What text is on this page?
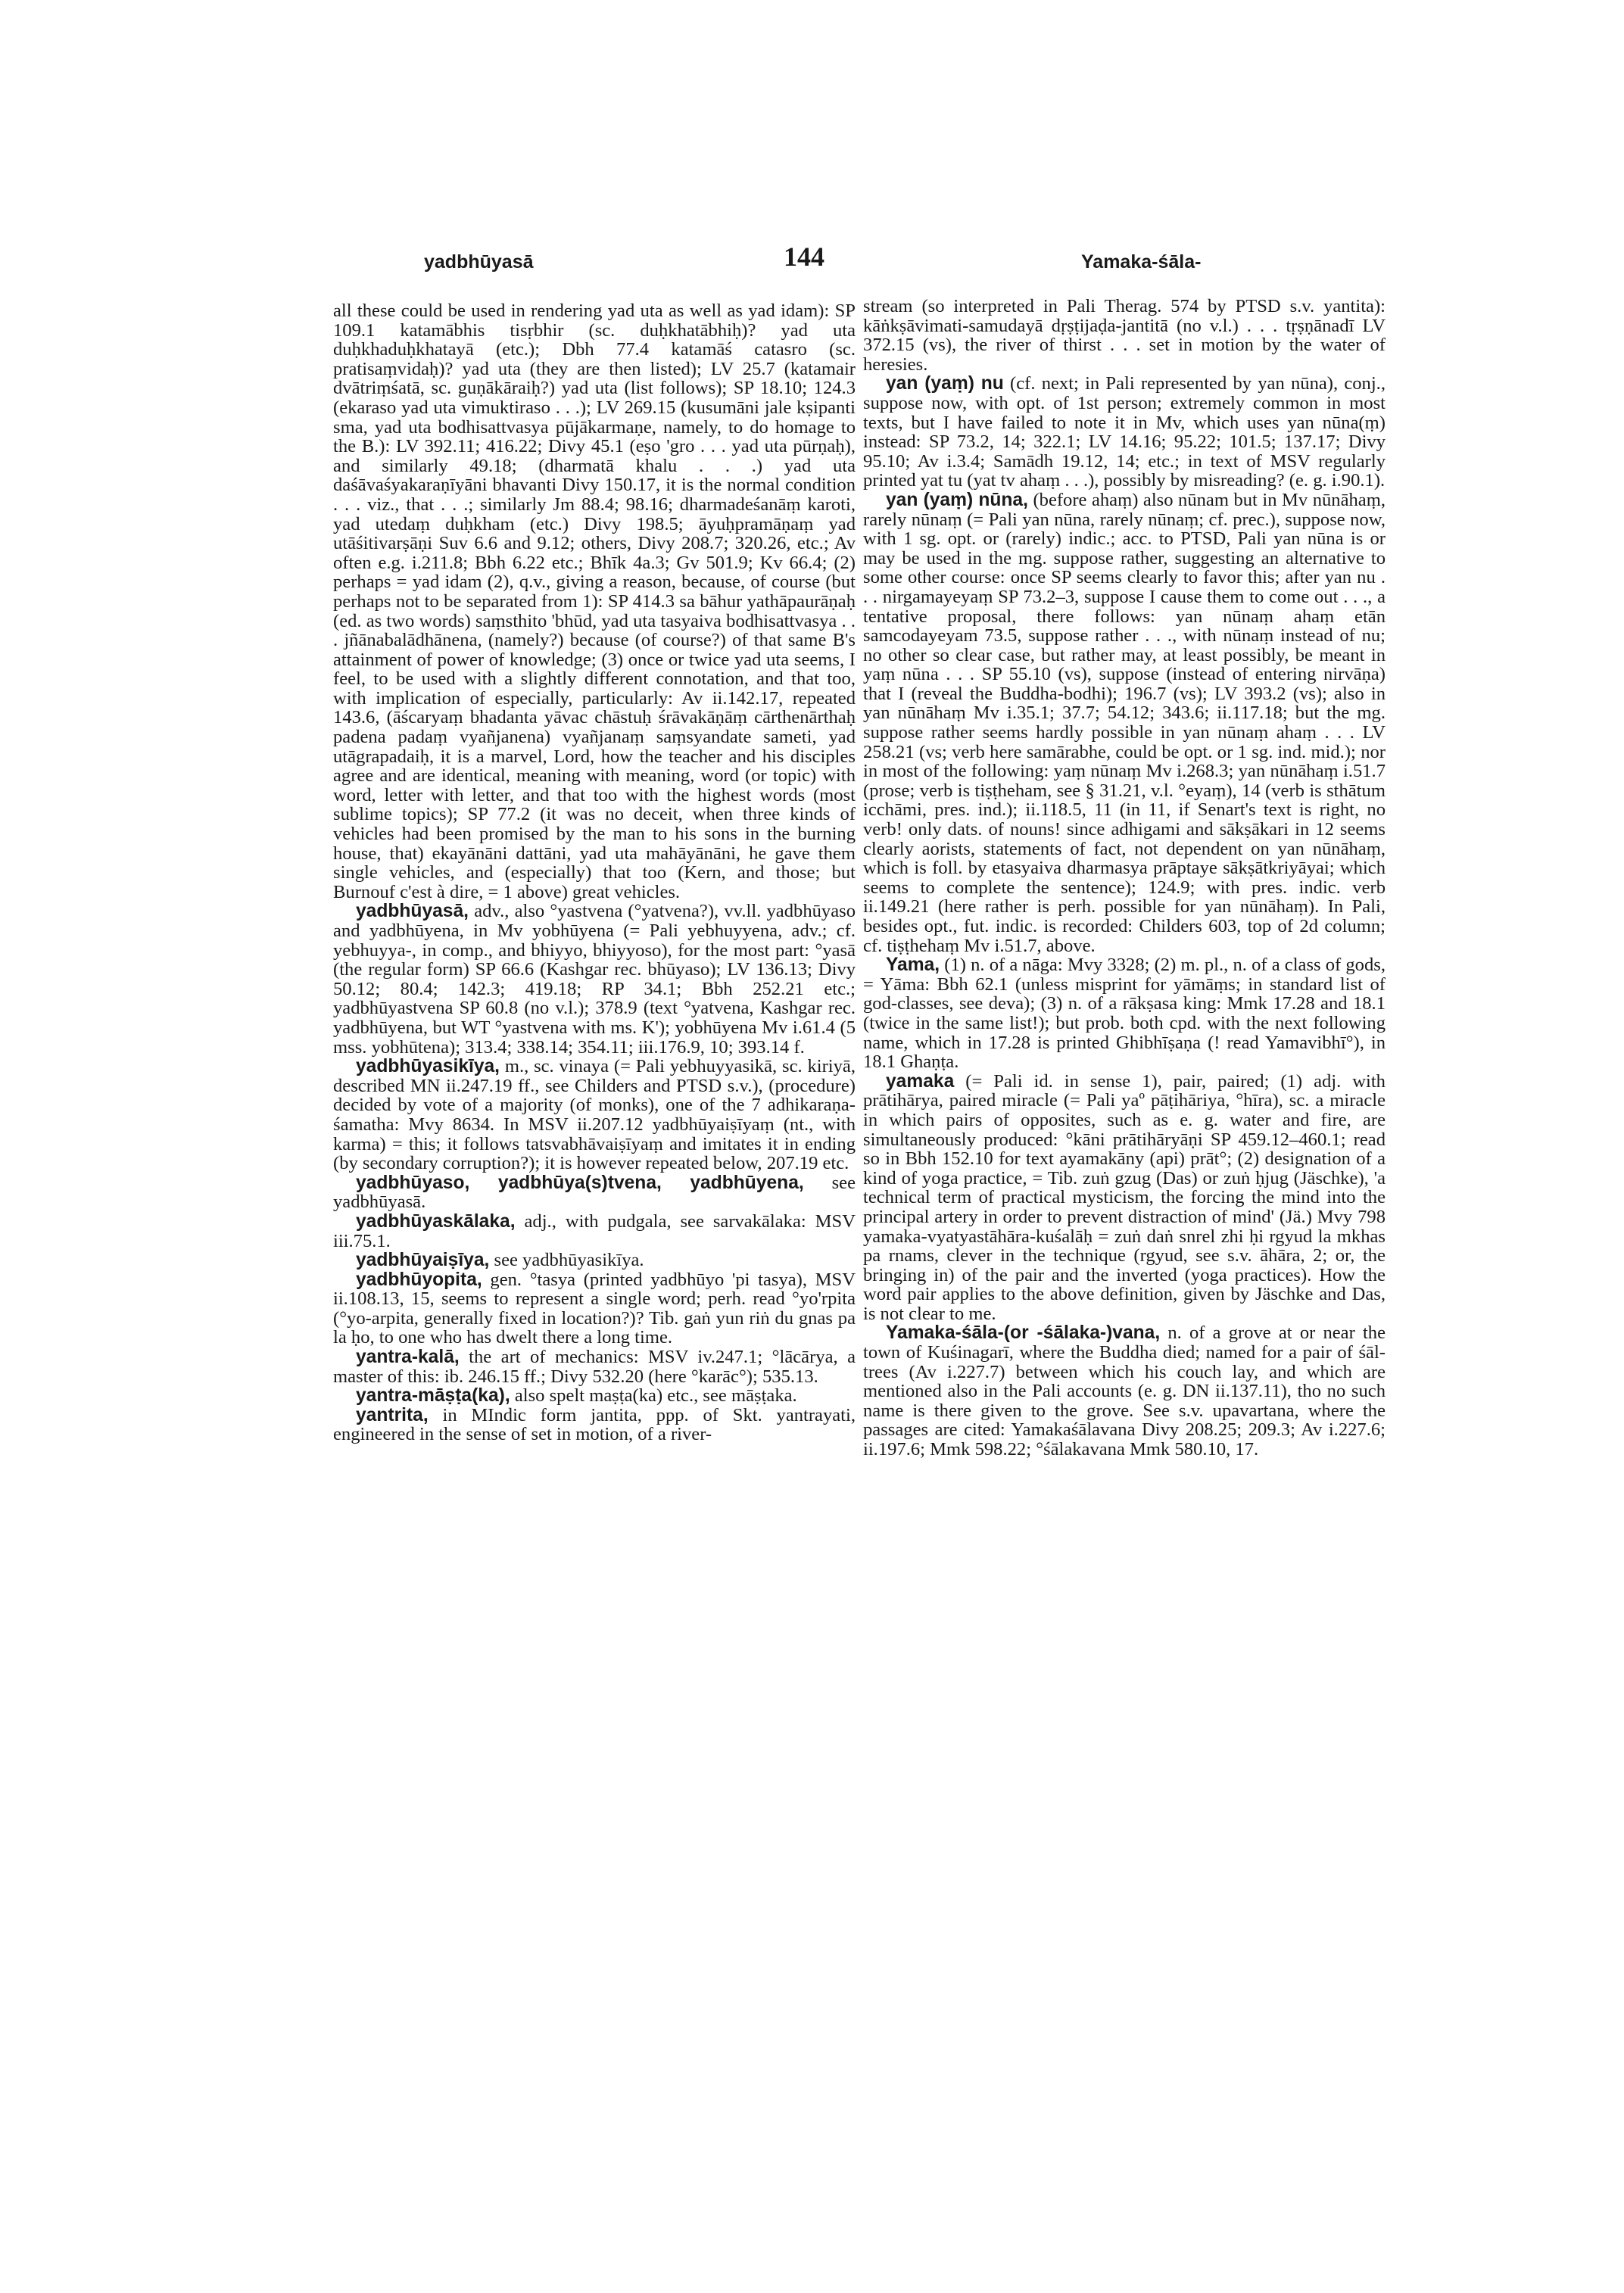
yadbhūyasā	144	Yamaka-śāla-

all these could be used in rendering yad uta as well as yad idam): SP 109.1 katamābhis tisṛbhir (sc. duḥkhatābhiḥ)? yad uta duḥkhaduḥkhatayā (etc.); Dbh 77.4 katamāś catasro (sc. pratisaṃvidaḥ)? yad uta (they are then listed); LV 25.7 (katamair dvātriṃśatā, sc. guṇākāraiḥ?) yad uta (list follows); SP 18.10; 124.3 (ekaraso yad uta vimuktiraso . . .); LV 269.15 (kusumāni jale kṣipanti sma, yad uta bodhisattvasya pūjākarmaṇe, namely, to do homage to the B.): LV 392.11; 416.22; Divy 45.1 (eṣo 'gro . . . yad uta pūrṇaḥ), and similarly 49.18; (dharmatā khalu . . .) yad uta daśāvaśyakaraṇīyāni bhavanti Divy 150.17, it is the normal condition . . . viz., that . . .; similarly Jm 88.4; 98.16; dharmadeśanāṃ karoti, yad utedaṃ duḥkham (etc.) Divy 198.5; āyuḥpramāṇaṃ yad utāśitivarṣāṇi Suv 6.6 and 9.12; others, Divy 208.7; 320.26, etc.; Av often e.g. i.211.8; Bbh 6.22 etc.; Bhīk 4a.3; Gv 501.9; Kv 66.4; (2) perhaps = yad idam (2), q.v., giving a reason, because, of course (but perhaps not to be separated from 1): SP 414.3 sa bāhur yathāpaurāṇaḥ (ed. as two words) saṃsthito 'bhūd, yad uta tasyaiva bodhisattvasya . . . jñānabalādhānena, (namely?) because (of course?) of that same B's attainment of power of knowledge; (3) once or twice yad uta seems, I feel, to be used with a slightly different connotation, and that too, with implication of especially, particularly: Av ii.142.17, repeated 143.6, (āścaryaṃ bhadanta yāvac chāstuḥ śrāvakāṇāṃ cārthenārthaḥ padena padaṃ vyañjanena) vyañjanaṃ saṃsyandate sameti, yad utāgrapadaiḥ, it is a marvel, Lord, how the teacher and his disciples agree and are identical, meaning with meaning, word (or topic) with word, letter with letter, and that too with the highest words (most sublime topics); SP 77.2 (it was no deceit, when three kinds of vehicles had been promised by the man to his sons in the burning house, that) ekayānāni dattāni, yad uta mahāyānāni, he gave them single vehicles, and (especially) that too (Kern, and those; but Burnouf c'est à dire, = 1 above) great vehicles.

yadbhūyasā, adv., also °yastvena (°yatvena?), vv.ll. yadbhūyaso and yadbhūyena, in Mv yobhūyena (= Pali yebhuyyena, adv.; cf. yebhuyya-, in comp., and bhiyyo, bhiyyoso), for the most part: °yasā (the regular form) SP 66.6 (Kashgar rec. bhūyaso); LV 136.13; Divy 50.12; 80.4; 142.3; 419.18; RP 34.1; Bbh 252.21 etc.; yadbhūyastvena SP 60.8 (no v.l.); 378.9 (text °yatvena, Kashgar rec. yadbhūyena, but WT °yastvena with ms. K'); yobhūyena Mv i.61.4 (5 mss. yobhūtena); 313.4; 338.14; 354.11; iii.176.9, 10; 393.14 f.

yadbhūyasikīya, m., sc. vinaya (= Pali yebhuyyasikā, sc. kiriyā, described MN ii.247.19 ff., see Childers and PTSD s.v.), (procedure) decided by vote of a majority (of monks), one of the 7 adhikaraṇa-śamatha: Mvy 8634. In MSV ii.207.12 yadbhūyaiṣīyaṃ (nt., with karma) = this; it follows tatsvabhāvaiṣīyaṃ and imitates it in ending (by secondary corruption?); it is however repeated below, 207.19 etc.

yadbhūyaso, yadbhūya(s)tvena, yadbhūyena, see yadbhūyasā.

yadbhūyaskālaka, adj., with pudgala, see sarvakālaka: MSV iii.75.1.

yadbhūyaiṣīya, see yadbhūyasikīya.

yadbhūyopita, gen. °tasya (printed yadbhūyo 'pi tasya), MSV ii.108.13, 15, seems to represent a single word; perh. read °yo'rpita (°yo-arpita, generally fixed in location?)? Tib. gaṅ yun riṅ du gnas pa la ḥo, to one who has dwelt there a long time.

yantra-kalā, the art of mechanics: MSV iv.247.1; °lācārya, a master of this: ib. 246.15 ff.; Divy 532.20 (here °karāc°); 535.13.

yantra-māṣṭa(ka), also spelt maṣṭa(ka) etc., see māṣṭaka.

yantrita, in MIndic form jantita, ppp. of Skt. yantrayati, engineered in the sense of set in motion, of a river-

stream (so interpreted in Pali Therag. 574 by PTSD s.v. yantita): kāṅkṣāvimati-samudayā dṛṣṭijaḍa-jantitā (no v.l.) . . . tṛṣṇānadī LV 372.15 (vs), the river of thirst . . . set in motion by the water of heresies.

yan (yaṃ) nu (cf. next; in Pali represented by yan nūna), conj., suppose now, with opt. of 1st person; extremely common in most texts, but I have failed to note it in Mv, which uses yan nūna(ṃ) instead: SP 73.2, 14; 322.1; LV 14.16; 95.22; 101.5; 137.17; Divy 95.10; Av i.3.4; Samādh 19.12, 14; etc.; in text of MSV regularly printed yat tu (yat tv ahaṃ . . .), possibly by misreading? (e. g. i.90.1).

yan (yaṃ) nūna, (before ahaṃ) also nūnam but in Mv nūnāhaṃ, rarely nūnaṃ (= Pali yan nūna, rarely nūnaṃ; cf. prec.), suppose now, with 1 sg. opt. or (rarely) indic.; acc. to PTSD, Pali yan nūna is or may be used in the mg. suppose rather, suggesting an alternative to some other course: once SP seems clearly to favor this; after yan nu . . . nirgamayeyaṃ SP 73.2–3, suppose I cause them to come out . . ., a tentative proposal, there follows: yan nūnaṃ ahaṃ etān samcodayeyam 73.5, suppose rather . . ., with nūnaṃ instead of nu; no other so clear case, but rather may, at least possibly, be meant in yaṃ nūna . . . SP 55.10 (vs), suppose (instead of entering nirvāṇa) that I (reveal the Buddha-bodhi); 196.7 (vs); LV 393.2 (vs); also in yan nūnāhaṃ Mv i.35.1; 37.7; 54.12; 343.6; ii.117.18; but the mg. suppose rather seems hardly possible in yan nūnaṃ ahaṃ . . . LV 258.21 (vs; verb here samārabhe, could be opt. or 1 sg. ind. mid.); nor in most of the following: yaṃ nūnaṃ Mv i.268.3; yan nūnāhaṃ i.51.7 (prose; verb is tiṣṭheham, see § 31.21, v.l. °eyaṃ), 14 (verb is sthātum icchāmi, pres. ind.); ii.118.5, 11 (in 11, if Senart's text is right, no verb! only dats. of nouns! since adhigami and sākṣākari in 12 seems clearly aorists, statements of fact, not dependent on yan nūnāhaṃ, which is foll. by etasyaiva dharmasya prāptaye sākṣātkriyāyai; which seems to complete the sentence); 124.9; with pres. indic. verb ii.149.21 (here rather is perh. possible for yan nūnāhaṃ). In Pali, besides opt., fut. indic. is recorded: Childers 603, top of 2d column; cf. tiṣṭhehaṃ Mv i.51.7, above.

Yama, (1) n. of a nāga: Mvy 3328; (2) m. pl., n. of a class of gods, = Yāma: Bbh 62.1 (unless misprint for yāmāṃs; in standard list of god-classes, see deva); (3) n. of a rākṣasa king: Mmk 17.28 and 18.1 (twice in the same list!); but prob. both cpd. with the next following name, which in 17.28 is printed Ghibhīṣaṇa (! read Yamavibhī°), in 18.1 Ghaṇṭa.

yamaka (= Pali id. in sense 1), pair, paired; (1) adj. with prātihārya, paired miracle (= Pali yaº pāṭihāriya, °hīra), sc. a miracle in which pairs of opposites, such as e. g. water and fire, are simultaneously produced: °kāni prātihāryāṇi SP 459.12–460.1; read so in Bbh 152.10 for text ayamakāny (api) prāt°; (2) designation of a kind of yoga practice, = Tib. zuṅ gzug (Das) or zuṅ ḥjug (Jäschke), 'a technical term of practical mysticism, the forcing the mind into the principal artery in order to prevent distraction of mind' (Jä.) Mvy 798 yamaka-vyatyastāhāra-kuśalāḥ = zuṅ daṅ snrel zhi ḥi rgyud la mkhas pa rnams, clever in the technique (rgyud, see s.v. āhāra, 2; or, the bringing in) of the pair and the inverted (yoga practices). How the word pair applies to the above definition, given by Jäschke and Das, is not clear to me.

Yamaka-śāla-(or -śālaka-)vana, n. of a grove at or near the town of Kuśinagarī, where the Buddha died; named for a pair of śāl-trees (Av i.227.7) between which his couch lay, and which are mentioned also in the Pali accounts (e. g. DN ii.137.11), tho no such name is there given to the grove. See s.v. upavartana, where the passages are cited: Yamakaśālavana Divy 208.25; 209.3; Av i.227.6; ii.197.6; Mmk 598.22; °śālakavana Mmk 580.10, 17.
